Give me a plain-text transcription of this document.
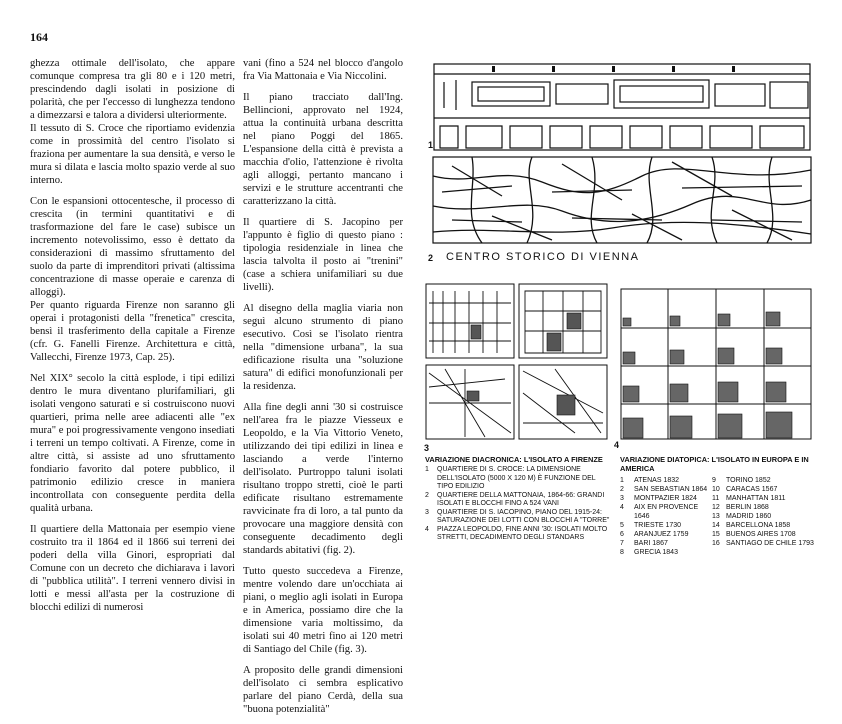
164

ghezza ottimale dell'isolato, che appare comunque compresa tra gli 80 e i 120 metri, prescindendo dagli isolati in posizione di polarità, che per l'eccesso di lunghezza tendono a dimezzarsi e talora a dividersi ulteriormente.
Il tessuto di S. Croce che riportiamo evidenzia come in prossimità del centro l'isolato si fraziona per aumentare la sua densità, e verso le mura si dilata e lascia molto spazio verde al suo interno.

Con le espansioni ottocentesche, il processo di crescita (in termini quantitativi e di trasformazione del fare le case) subisce un incremento notevolissimo, esso è dettato da considerazioni di massimo sfruttamento del suolo da parte di imprenditori privati (altissima concentrazione di masse operaie e carenza di alloggi).
Per quanto riguarda Firenze non saranno gli operai i protagonisti della "frenetica" crescita, bensì il trasferimento della capitale a Firenze (cfr. G. Fanelli Firenze. Architettura e città, Vallecchi, Firenze 1973, Cap. 25).

Nel XIX° secolo la città esplode, i tipi edilizi dentro le mura diventano plurifamiliari, gli isolati vengono saturati e si costruiscono nuovi quartieri, prima nelle aree adiacenti alle "ex mura" e poi progressivamente vengono insediati i terreni un tempo coltivati. A Firenze, come in altre città, si assiste ad uno sfruttamento fondiario favorito dal potere pubblico, il patrimonio edilizio cresce in maniera incontrollata con conseguente perdita della qualità urbana.

Il quartiere della Mattonaia per esempio viene costruito tra il 1864 ed il 1866 sui terreni dei poderi della villa Ginori, espropriati dal Comune con un decreto che dichiarava i lavori di "pubblica utilità". I terreni vennero divisi in lotti e messi all'asta per la costruzione di blocchi edilizi di numerosi

vani (fino a 524 nel blocco d'angolo fra Via Mattonaia e Via Niccolini.

Il piano tracciato dall'Ing. Bellincioni, approvato nel 1924, attua la continuità urbana descritta nel piano Poggi del 1865. L'espansione della città è prevista a macchia d'olio, l'attenzione è rivolta agli alloggi, pertanto mancano i servizi e le strutture accentranti che caratterizzano la città.

Il quartiere di S. Jacopino per l'appunto è figlio di questo piano : tipologia residenziale in linea che lascia talvolta il posto ai "trenini" (case a schiera unifamiliari su due livelli).

Al disegno della maglia viaria non seguì alcuno strumento di piano esecutivo. Così se l'isolato rientra nella "dimensione urbana", la sua edificazione risulta una "soluzione satura" di edifici monofunzionali per la residenza.

Alla fine degli anni '30 si costruisce nell'area fra le piazze Viesseux e Leopoldo, e la Via Vittorio Veneto, utilizzando dei tipi edilizi in linea e lasciando a verde l'interno dell'isolato. Purtroppo taluni isolati risultano troppo stretti, cioè le parti edificate risultano estremamente ravvicinate fra di loro, a tal punto da provocare una maggiore densità con conseguente decadimento degli standards abitativi (fig. 2).

Tutto questo succedeva a Firenze, mentre volendo dare un'occhiata ai piani, o meglio agli isolati in Europa e in America, possiamo dire che la dimensione varia moltissimo, da isolati sui 40 metri fino ai 120 metri di Santiago del Chile (fig. 3).

A proposito delle grandi dimensioni dell'isolato ci sembra esplicativo parlare del piano Cerdà, della sua "buona potenzialità"

1
2 CENTRO STORICO DI VIENNA
3
VARIAZIONE DIACRONICA: L'ISOLATO A FIRENZE
1	QUARTIERE DI S. CROCE: LA DIMENSIONE DELL'ISOLATO (5000 X 120 M) È FUNZIONE DEL TIPO EDILIZIO
2	QUARTIERE DELLA MATTONAIA, 1864-66: GRANDI ISOLATI E BLOCCHI FINO A 524 VANI
3	QUARTIERE DI S. IACOPINO, PIANO DEL 1915-24: SATURAZIONE DEI LOTTI CON BLOCCHI A "TORRE"
4	PIAZZA LEOPOLDO, FINE ANNI '30: ISOLATI MOLTO STRETTI, DECADIMENTO DEGLI STANDARS
4
VARIAZIONE DIATOPICA: L'ISOLATO IN EUROPA E IN AMERICA
1	ATENAS 1832
2	SAN SEBASTIAN 1864
3	MONTPAZIER 1824
4	AIX EN PROVENCE 1646
5	TRIESTE 1730
6	ARANJUEZ 1759
7	BARI 1867
8	GRECIA 1843
9	TORINO 1852
10 CARACAS 1567
11 MANHATTAN 1811
12 BERLIN 1868
13 MADRID 1860
14 BARCELLONA 1858
15 BUENOS AIRES 1708
16 SANTIAGO DE CHILE 1793
